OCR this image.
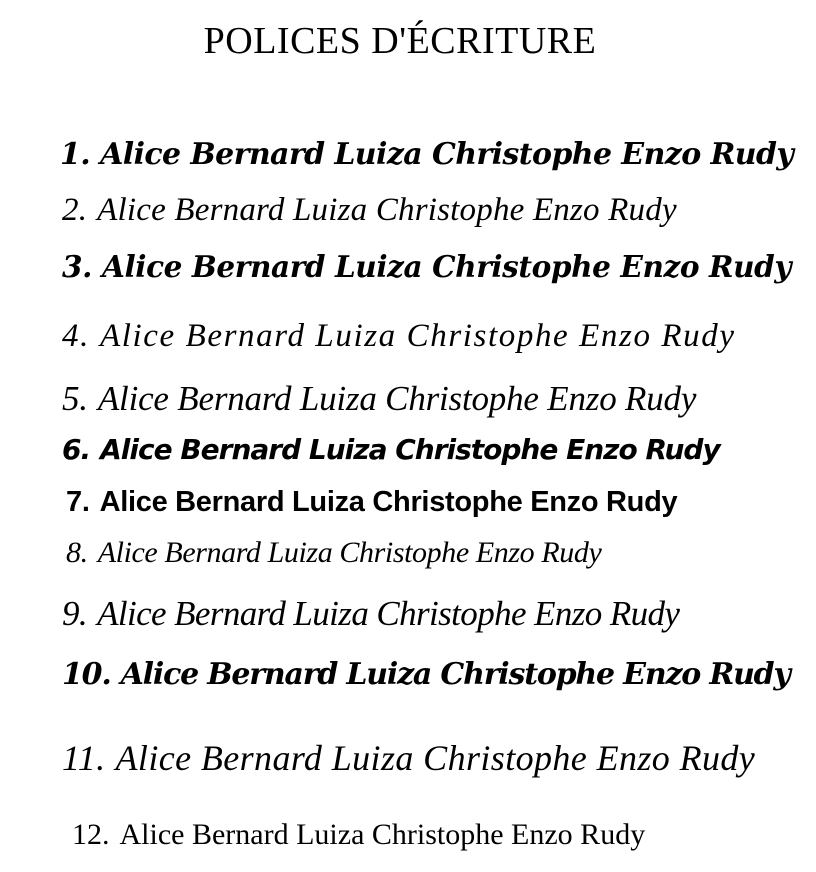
POLICES D'ÉCRITURE
1. Alice Bernard Luiza Christophe Enzo Rudy
2. Alice Bernard Luiza Christophe Enzo Rudy
3. Alice Bernard Luiza Christophe Enzo Rudy
4. Alice Bernard Luiza Christophe Enzo Rudy
5. Alice Bernard Luiza Christophe Enzo Rudy
6. Alice Bernard Luiza Christophe Enzo Rudy
7. Alice Bernard Luiza Christophe Enzo Rudy
8. Alice Bernard Luiza Christophe Enzo Rudy
9. Alice Bernard Luiza Christophe Enzo Rudy
10. Alice Bernard Luiza Christophe Enzo Rudy
11. Alice Bernard Luiza Christophe Enzo Rudy
12. Alice Bernard Luiza Christophe Enzo Rudy
